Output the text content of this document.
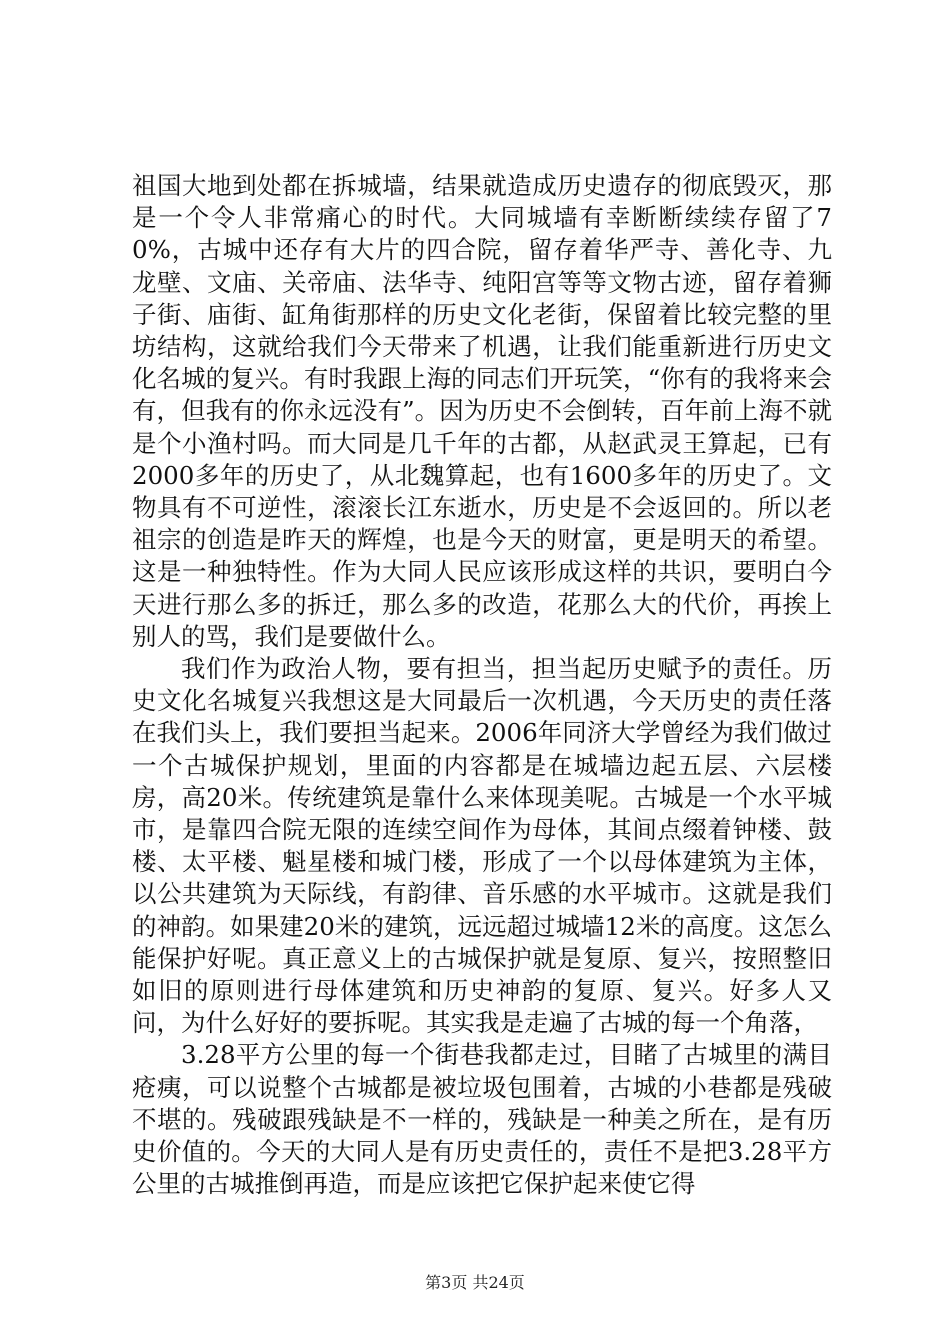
祖国大地到处都在拆城墙，结果就造成历史遗存的彻底毁灭，那是一个令人非常痛心的时代。大同城墙有幸断断续续存留了70%，古城中还存有大片的四合院，留存着华严寺、善化寺、九龙壁、文庙、关帝庙、法华寺、纯阳宫等等文物古迹，留存着狮子街、庙街、缸角街那样的历史文化老街，保留着比较完整的里坊结构，这就给我们今天带来了机遇，让我们能重新进行历史文化名城的复兴。有时我跟上海的同志们开玩笑，“你有的我将来会有，但我有的你永远没有”。因为历史不会倒转，百年前上海不就是个小渔村吗。而大同是几千年的古都，从赵武灵王算起，已有2000多年的历史了，从北魏算起，也有1600多年的历史了。文物具有不可逆性，滚滚长江东逝水，历史是不会返回的。所以老祖宗的创造是昨天的辉煌，也是今天的财富，更是明天的希望。这是一种独特性。作为大同人民应该形成这样的共识，要明白今天进行那么多的拆迁，那么多的改造，花那么大的代价，再挨上别人的骂，我们是要做什么。

我们作为政治人物，要有担当，担当起历史赋予的责任。历史文化名城复兴我想这是大同最后一次机遇，今天历史的责任落在我们头上，我们要担当起来。2006年同济大学曾经为我们做过一个古城保护规划，里面的内容都是在城墙边起五层、六层楼房，高20米。传统建筑是靠什么来体现美呢。古城是一个水平城市，是靠四合院无限的连续空间作为母体，其间点缀着钟楼、鼓楼、太平楼、魁星楼和城门楼，形成了一个以母体建筑为主体，以公共建筑为天际线，有韵律、音乐感的水平城市。这就是我们的神韵。如果建20米的建筑，远远超过城墙12米的高度。这怎么能保护好呢。真正意义上的古城保护就是复原、复兴，按照整旧如旧的原则进行母体建筑和历史神韵的复原、复兴。好多人又问，为什么好好的要拆呢。其实我是走遍了古城的每一个角落，

3.28平方公里的每一个街巷我都走过，目睹了古城里的满目疮痍，可以说整个古城都是被垃圾包围着，古城的小巷都是残破不堪的。残破跟残缺是不一样的，残缺是一种美之所在，是有历史价值的。今天的大同人是有历史责任的，责任不是把3.28平方公里的古城推倒再造，而是应该把它保护起来使它得

第3页 共24页
